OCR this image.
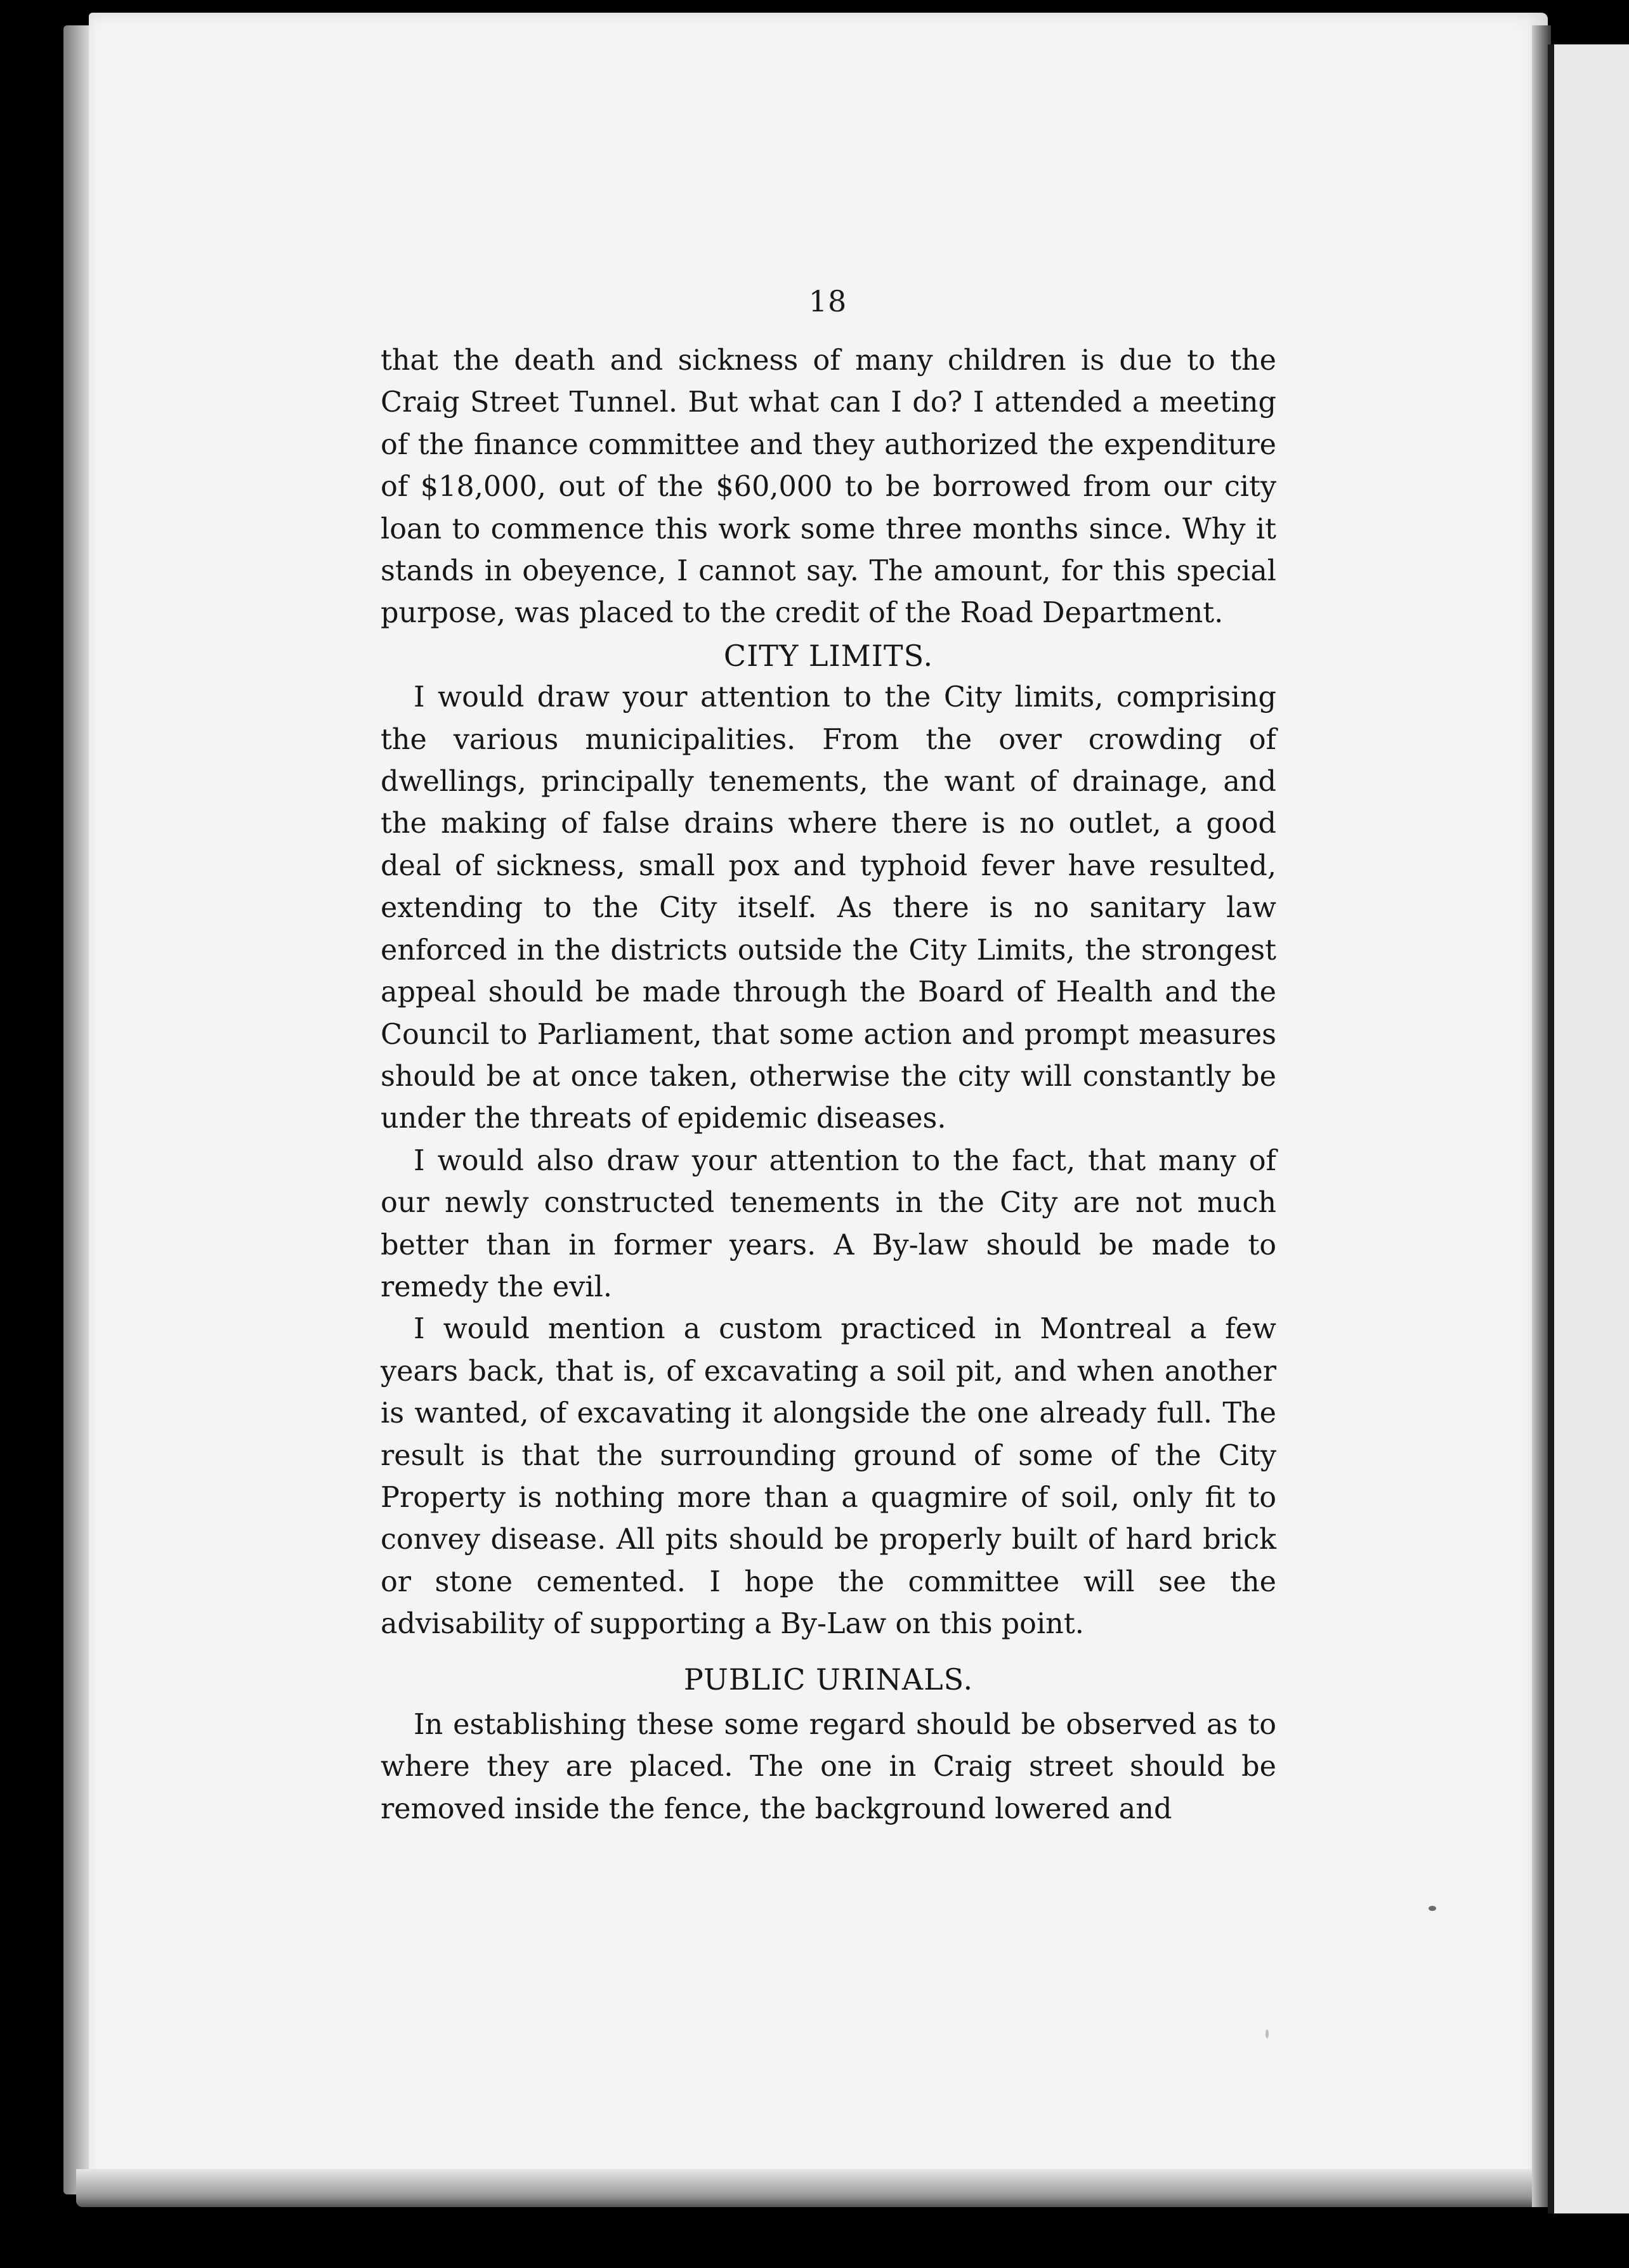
18

that the death and sickness of many children is due to the Craig Street Tunnel. But what can I do? I attended a meeting of the finance committee and they authorized the expenditure of $18,000, out of the $60,000 to be borrowed from our city loan to commence this work some three months since. Why it stands in obeyence, I cannot say. The amount, for this special purpose, was placed to the credit of the Road Department.

CITY LIMITS.

I would draw your attention to the City limits, comprising the various municipalities. From the over crowding of dwellings, principally tenements, the want of drainage, and the making of false drains where there is no outlet, a good deal of sickness, small pox and typhoid fever have resulted, extending to the City itself. As there is no sanitary law enforced in the districts outside the City Limits, the strongest appeal should be made through the Board of Health and the Council to Parliament, that some action and prompt measures should be at once taken, otherwise the city will constantly be under the threats of epidemic diseases.

I would also draw your attention to the fact, that many of our newly constructed tenements in the City are not much better than in former years. A By-law should be made to remedy the evil.

I would mention a custom practiced in Montreal a few years back, that is, of excavating a soil pit, and when another is wanted, of excavating it alongside the one already full. The result is that the surrounding ground of some of the City Property is nothing more than a quagmire of soil, only fit to convey disease. All pits should be properly built of hard brick or stone cemented. I hope the committee will see the advisability of supporting a By-Law on this point.

PUBLIC URINALS.

In establishing these some regard should be observed as to where they are placed. The one in Craig street should be removed inside the fence, the background lowered and
